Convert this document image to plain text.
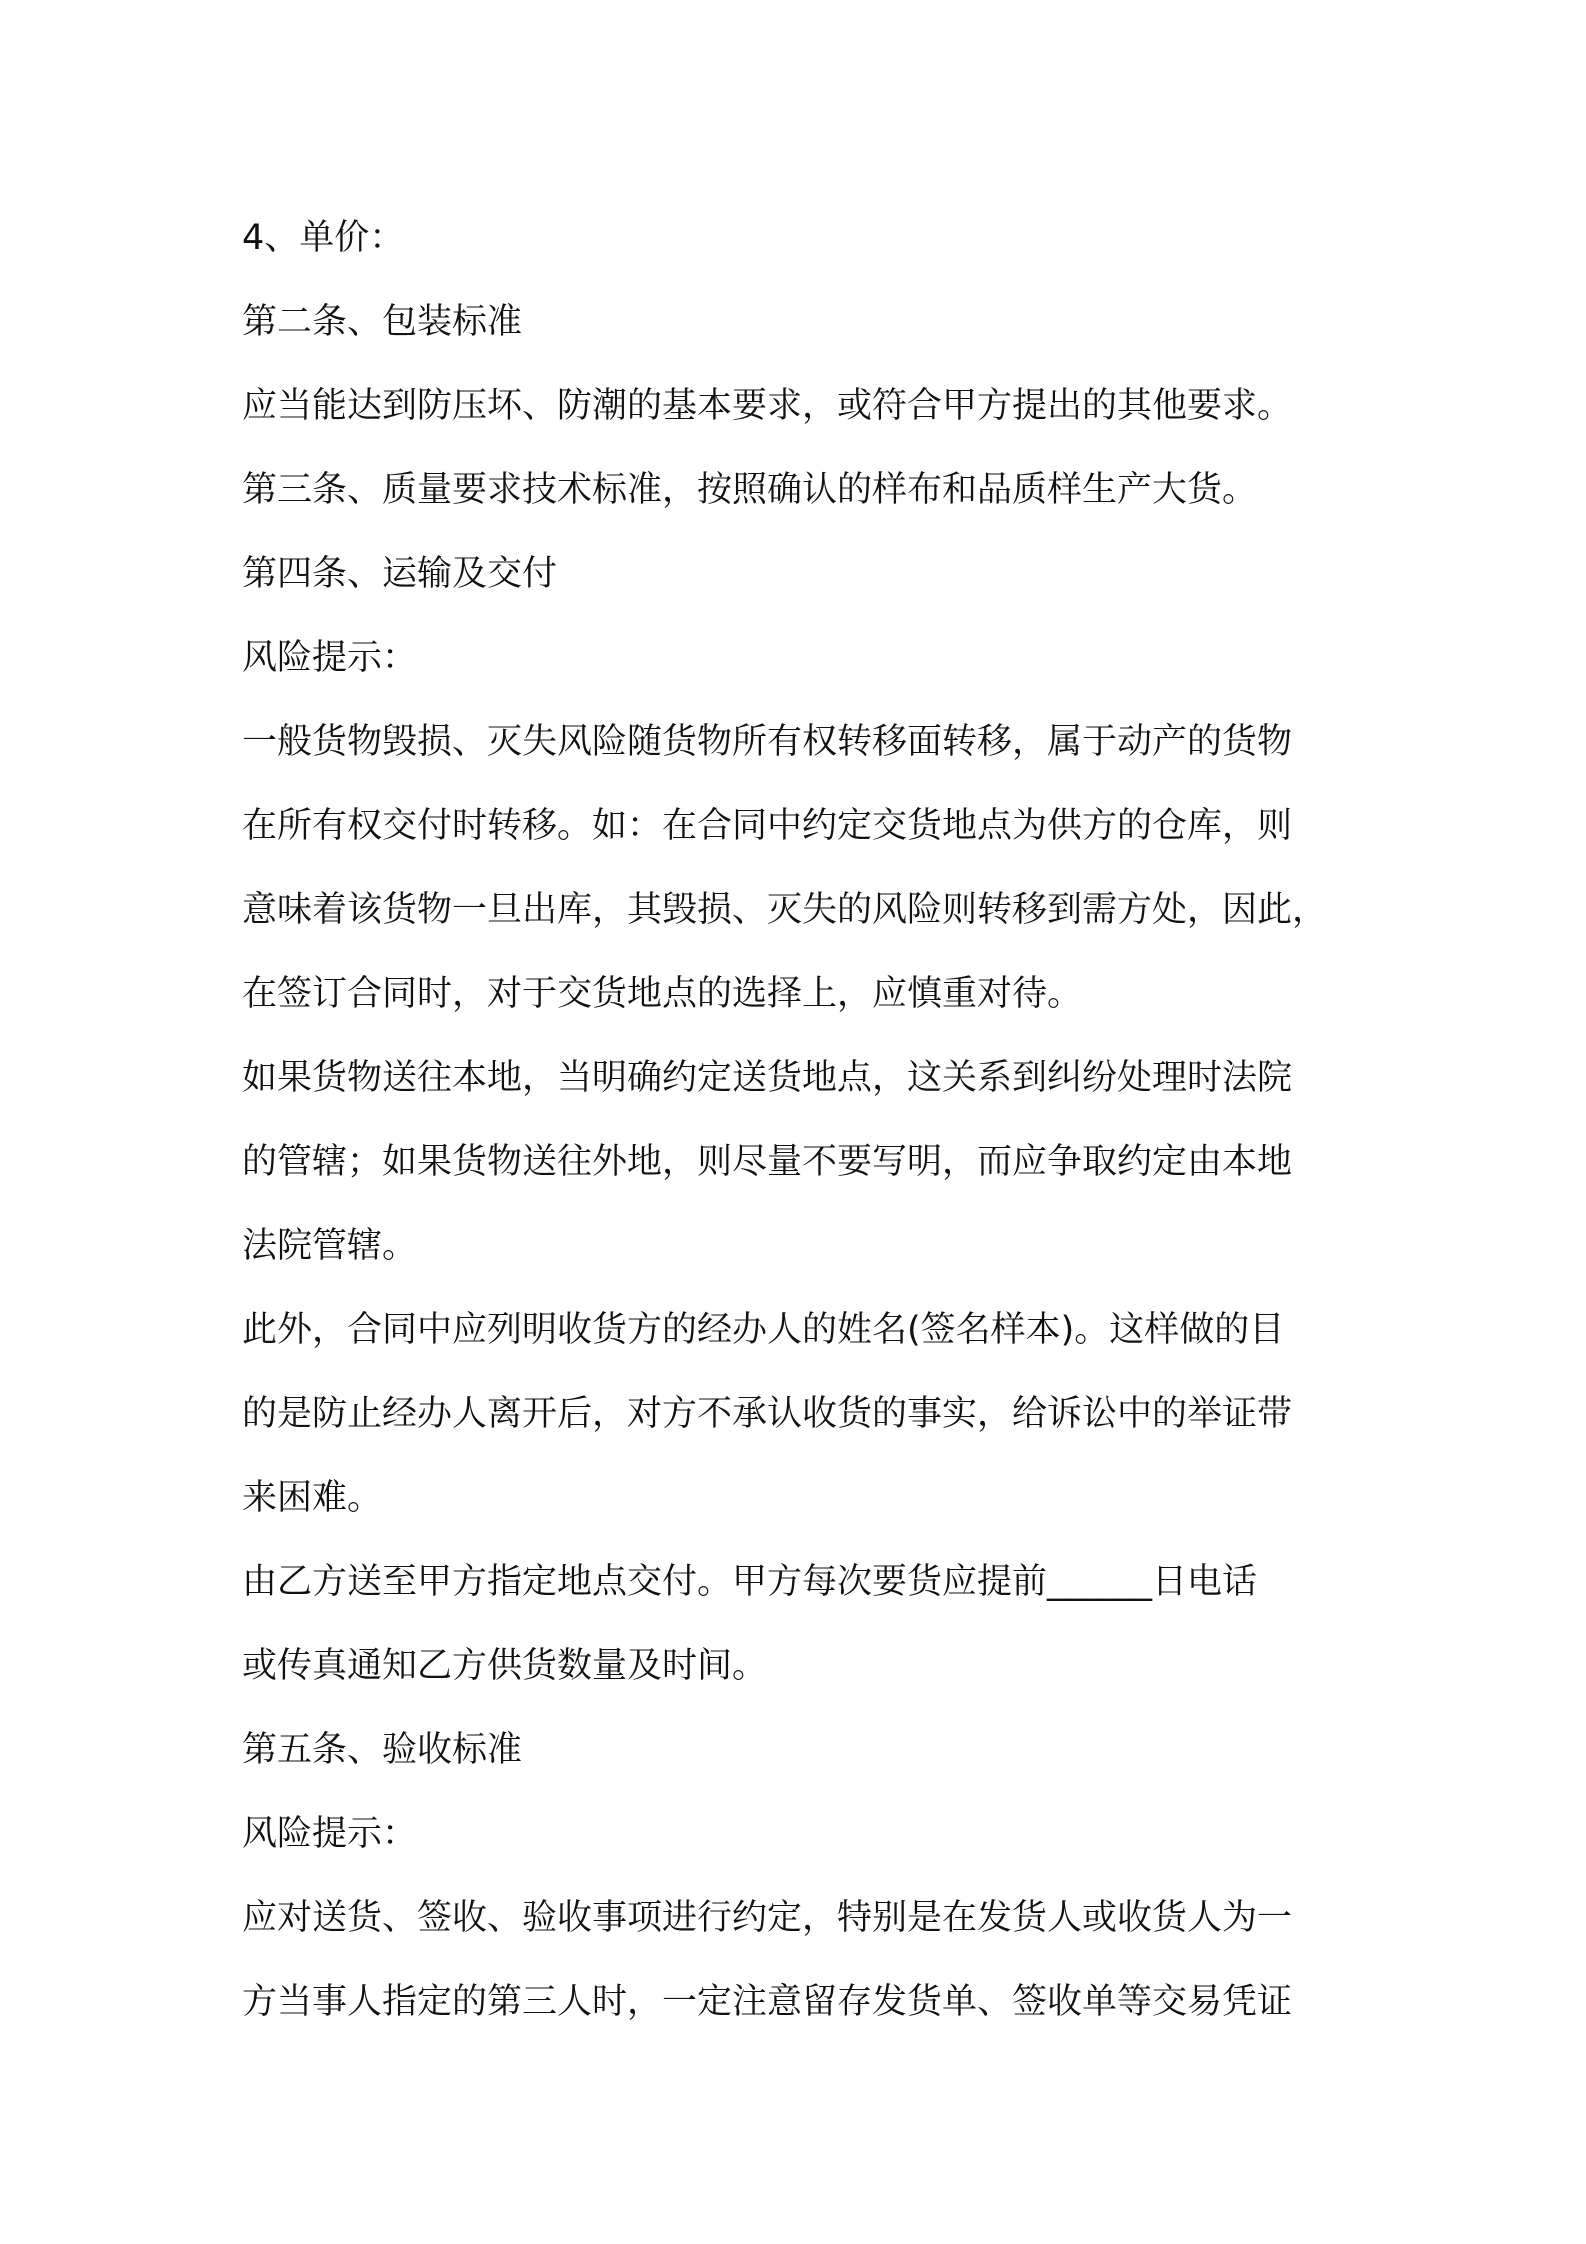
4、单价：

第二条、包装标准

应当能达到防压坏、防潮的基本要求，或符合甲方提出的其他要求。

第三条、质量要求技术标准，按照确认的样布和品质样生产大货。

第四条、运输及交付

风险提示：

一般货物毁损、灭失风险随货物所有权转移面转移，属于动产的货物

在所有权交付时转移。如：在合同中约定交货地点为供方的仓库，则

意味着该货物一旦出库，其毁损、灭失的风险则转移到需方处，因此，

在签订合同时，对于交货地点的选择上，应慎重对待。

如果货物送往本地，当明确约定送货地点，这关系到纠纷处理时法院

的管辖；如果货物送往外地，则尽量不要写明，而应争取约定由本地

法院管辖。

此外，合同中应列明收货方的经办人的姓名(签名样本)。这样做的目

的是防止经办人离开后，对方不承认收货的事实，给诉讼中的举证带

来困难。

由乙方送至甲方指定地点交付。甲方每次要货应提前______日电话

或传真通知乙方供货数量及时间。

第五条、验收标准

风险提示：

应对送货、签收、验收事项进行约定，特别是在发货人或收货人为一

方当事人指定的第三人时，一定注意留存发货单、签收单等交易凭证
